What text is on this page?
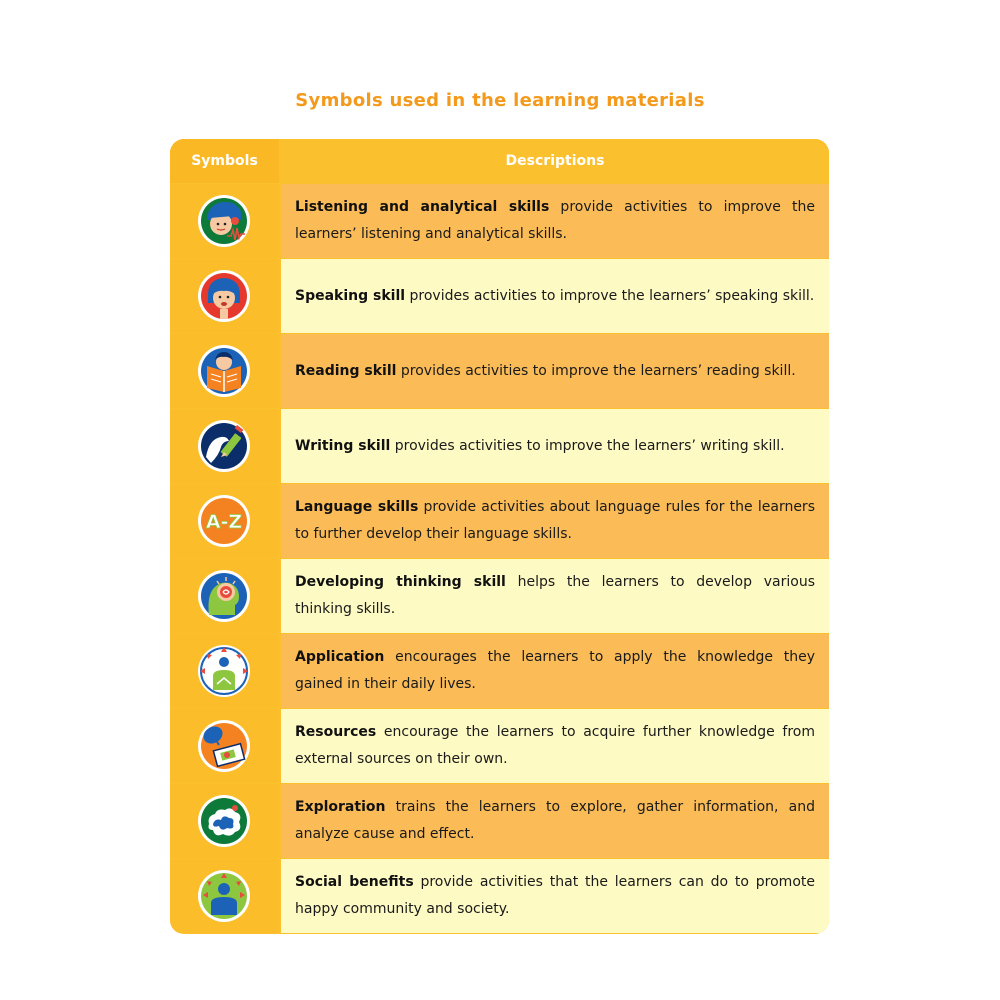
Symbols used in the learning materials
Symbols	Descriptions
Listening and analytical skills provide activities to improve the learners’ listening and analytical skills.
Speaking skill provides activities to improve the learners’ speaking skill.
Reading skill provides activities to improve the learners’ reading skill.
Writing skill provides activities to improve the learners’ writing skill.
A-Z
Language skills provide activities about language rules for the learners to further develop their language skills.
Developing thinking skill helps the learners to develop various thinking skills.
Application encourages the learners to apply the knowledge they gained in their daily lives.
Resources encourage the learners to acquire further knowledge from external sources on their own.
Exploration trains the learners to explore, gather information, and analyze cause and effect.
Social benefits provide activities that the learners can do to promote happy community and society.
